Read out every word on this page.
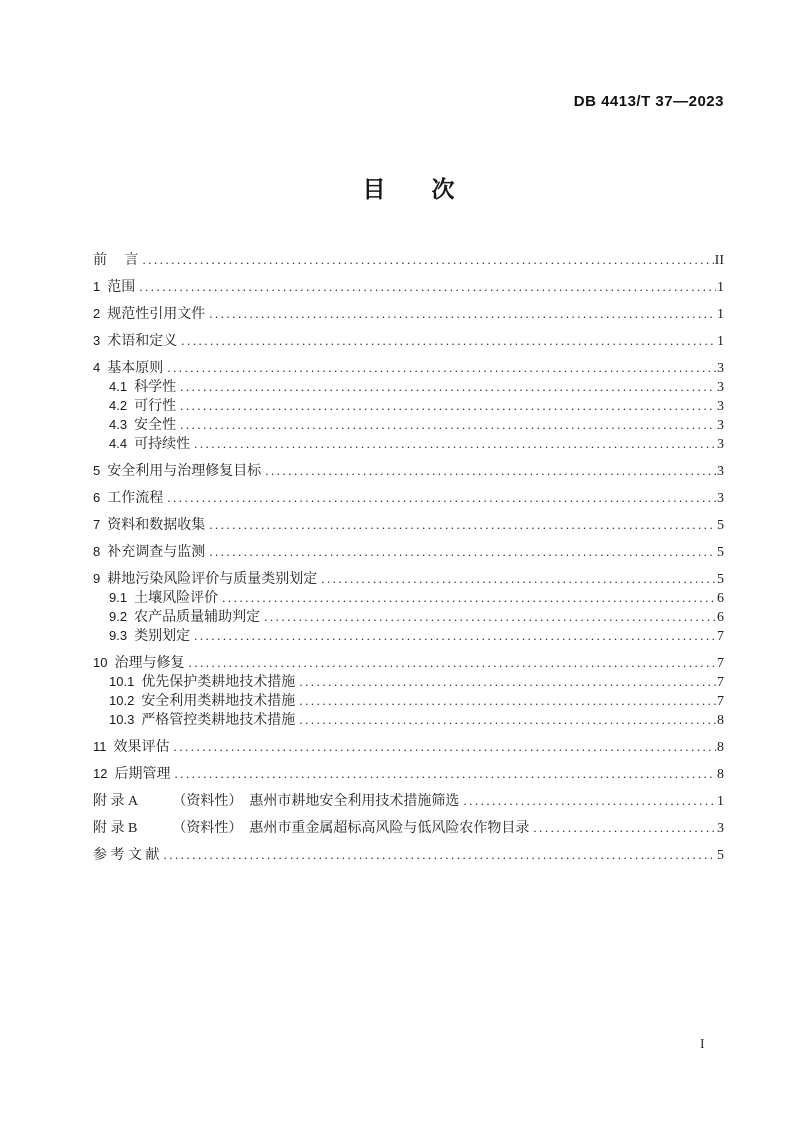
DB 4413/T 37—2023
目　　次
前　 言 .....	II
1 范围 .....	1
2 规范性引用文件 .....	1
3 术语和定义 .....	1
4 基本原则 .....	3
4.1 科学性 .....	3
4.2 可行性 .....	3
4.3 安全性 .....	3
4.4 可持续性 .....	3
5 安全利用与治理修复目标 .....	3
6 工作流程 .....	3
7 资料和数据收集 .....	5
8 补充调查与监测 .....	5
9 耕地污染风险评价与质量类别划定 .....	5
9.1 土壤风险评价 .....	6
9.2 农产品质量辅助判定 .....	6
9.3 类别划定 .....	7
10 治理与修复 .....	7
10.1 优先保护类耕地技术措施 .....	7
10.2 安全利用类耕地技术措施 .....	7
10.3 严格管控类耕地技术措施 .....	8
11 效果评估 .....	8
12 后期管理 .....	8
附 录 A　　　（资料性）　惠州市耕地安全利用技术措施筛选 .....	1
附 录 B　　　（资料性）　惠州市重金属超标高风险与低风险农作物目录 .....	3
参 考 文 献 .....	5
I
